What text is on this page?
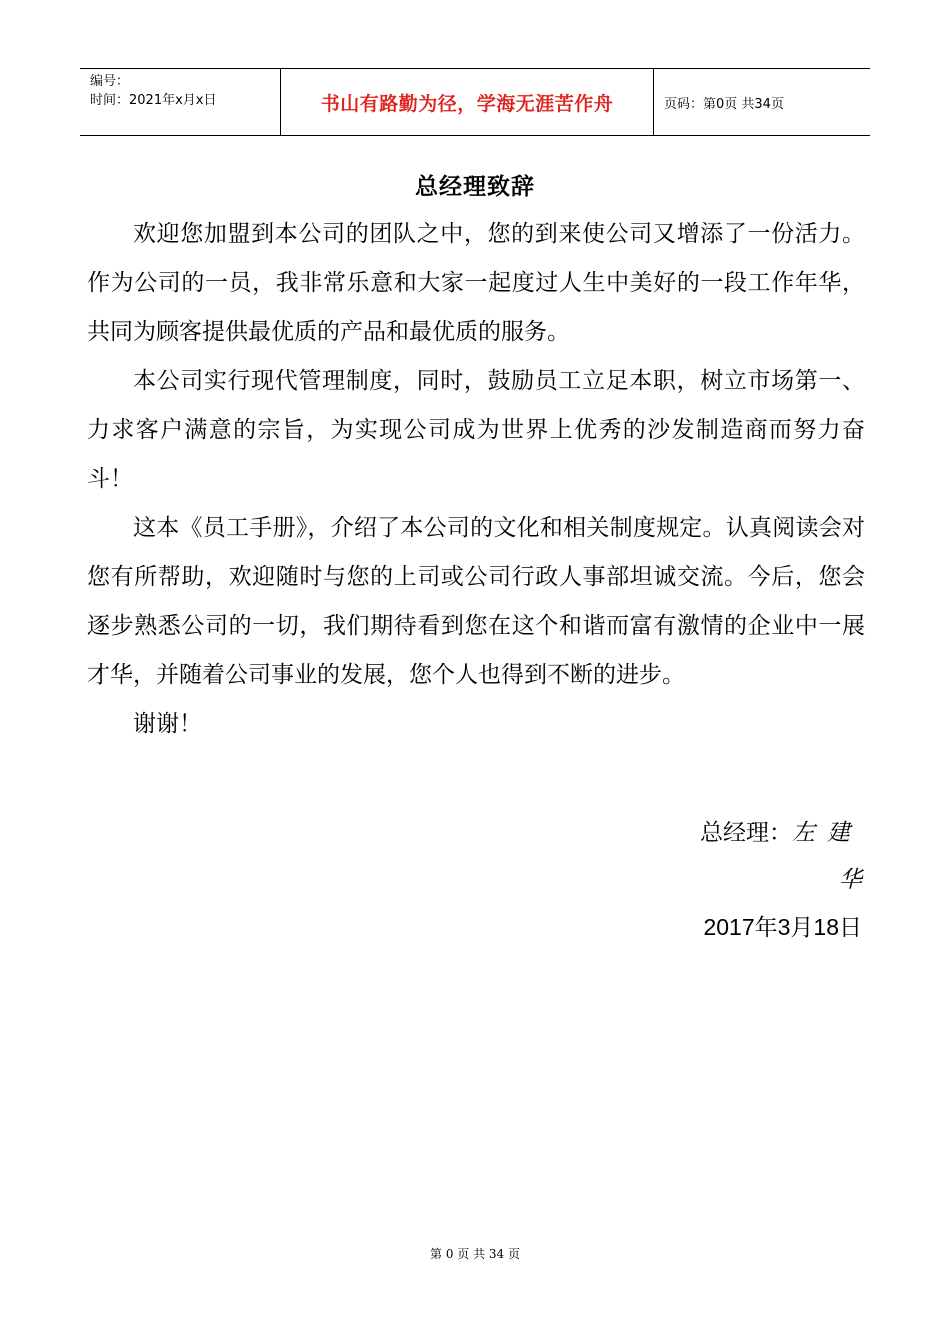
编号：
时间：2021年x月x日	书山有路勤为径，学海无涯苦作舟	页码：第0页 共34页
总经理致辞

欢迎您加盟到本公司的团队之中，您的到来使公司又增添了一份活力。作为公司的一员，我非常乐意和大家一起度过人生中美好的一段工作年华，共同为顾客提供最优质的产品和最优质的服务。

本公司实行现代管理制度，同时，鼓励员工立足本职，树立市场第一、力求客户满意的宗旨，为实现公司成为世界上优秀的沙发制造商而努力奋斗！

这本《员工手册》，介绍了本公司的文化和相关制度规定。认真阅读会对您有所帮助，欢迎随时与您的上司或公司行政人事部坦诚交流。今后，您会逐步熟悉公司的一切，我们期待看到您在这个和谐而富有激情的企业中一展才华，并随着公司事业的发展，您个人也得到不断的进步。

谢谢！

总经理：左建华
2017年3月18日
第 0 页 共 34 页
